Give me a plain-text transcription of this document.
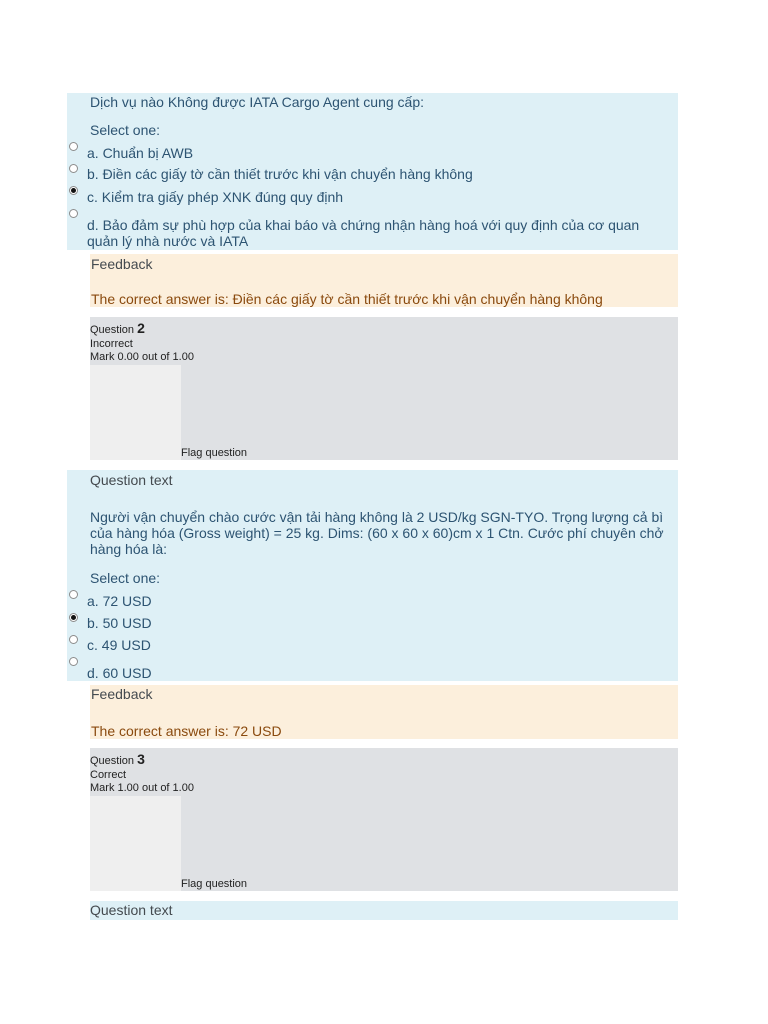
Dịch vụ nào Không được IATA Cargo Agent cung cấp:
Select one:
a. Chuẩn bị AWB
b. Điền các giấy tờ cần thiết trước khi vận chuyển hàng không
c. Kiểm tra giấy phép XNK đúng quy định
d. Bảo đảm sự phù hợp của khai báo và chứng nhận hàng hoá với quy định của cơ quan quản lý nhà nước và IATA
Feedback
The correct answer is: Điền các giấy tờ cần thiết trước khi vận chuyển hàng không
Question 2
Incorrect
Mark 0.00 out of 1.00
Flag question
Question text
Người vận chuyển chào cước vận tải hàng không là 2 USD/kg SGN-TYO. Trọng lượng cả bì của hàng hóa (Gross weight) = 25 kg. Dims: (60 x 60 x 60)cm x 1 Ctn. Cước phí chuyên chở hàng hóa là:
Select one:
a. 72 USD
b. 50 USD
c. 49 USD
d. 60 USD
Feedback
The correct answer is: 72 USD
Question 3
Correct
Mark 1.00 out of 1.00
Flag question
Question text
